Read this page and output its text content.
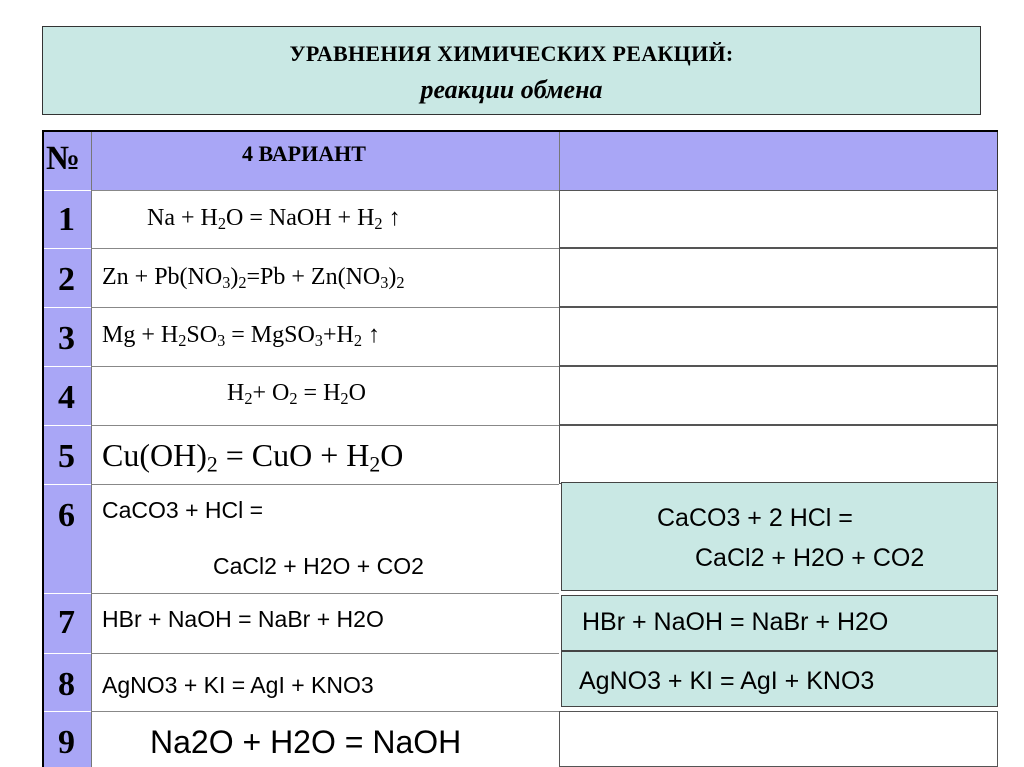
УРАВНЕНИЯ ХИМИЧЕСКИХ РЕАКЦИЙ:
реакции обмена
4 ВАРИАНТ
№
1
2
3
4
5
6
7
8
9
$Na + H_2O$ = NaOH + $H_2$ ↑
$Zn + Pb(NO_3)_2=Pb + Zn(NO_3)_2$
$Mg + H_2SO_3$ = $MgSO_3+H_2$ ↑
$H_2+ O_2 = H_2O$
$Cu(OH)_2$ = CuO + $H_2O$
CaCO3 + HCl =
CaCl2 + H2O + CO2
HBr + NaOH = NaBr + H2O
AgNO3 + KI = AgI + KNO3
Na2O + H2O = NaOH
CaCO3 + 2 HCl =
CaCl2 + H2O + CO2
HBr + NaOH = NaBr + H2O
AgNO3 + KI = AgI + KNO3
